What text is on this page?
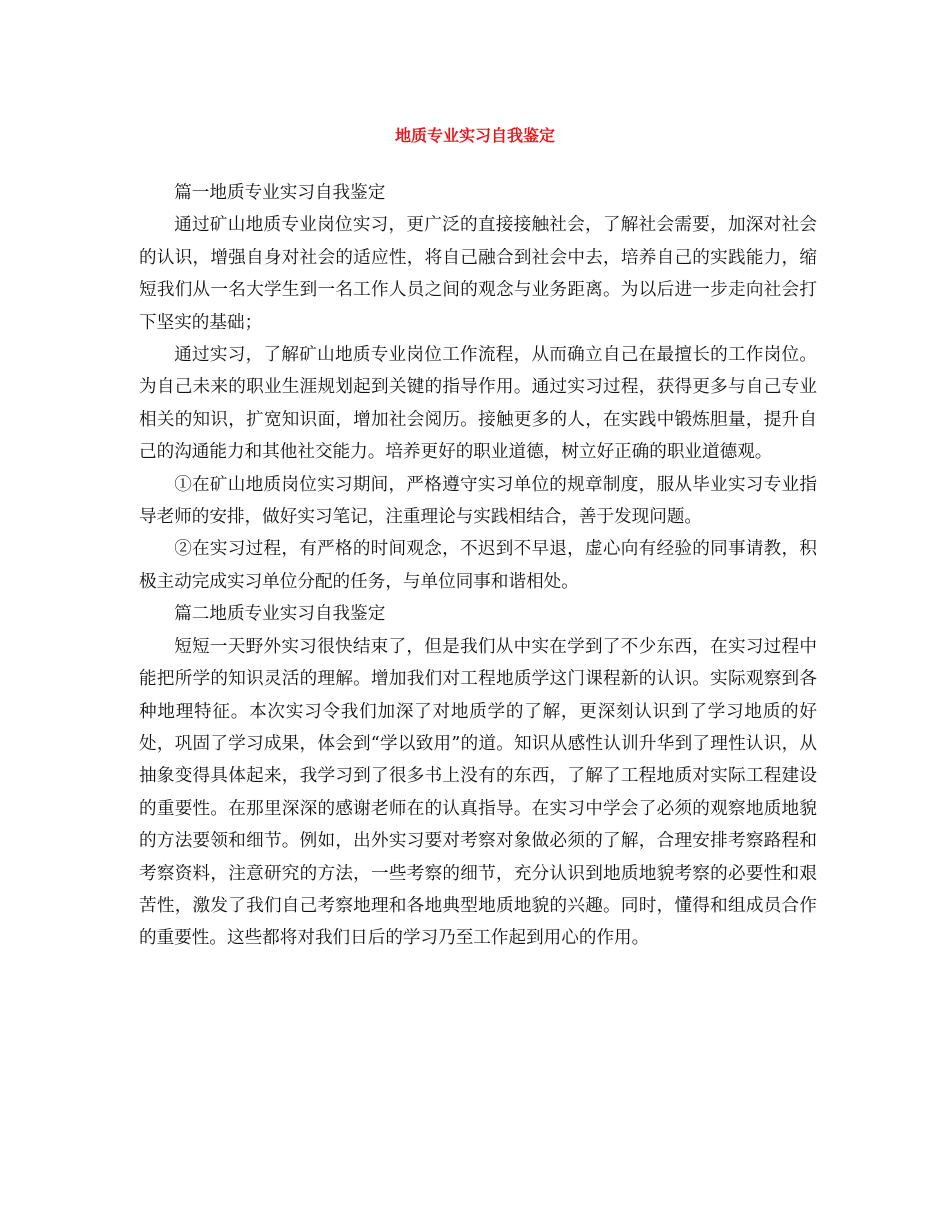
地质专业实习自我鉴定

篇一地质专业实习自我鉴定

通过矿山地质专业岗位实习，更广泛的直接接触社会，了解社会需要，加深对社会的认识，增强自身对社会的适应性，将自己融合到社会中去，培养自己的实践能力，缩短我们从一名大学生到一名工作人员之间的观念与业务距离。为以后进一步走向社会打下坚实的基础；

通过实习，了解矿山地质专业岗位工作流程，从而确立自己在最擅长的工作岗位。为自己未来的职业生涯规划起到关键的指导作用。通过实习过程，获得更多与自己专业相关的知识，扩宽知识面，增加社会阅历。接触更多的人，在实践中锻炼胆量，提升自己的沟通能力和其他社交能力。培养更好的职业道德，树立好正确的职业道德观。

①在矿山地质岗位实习期间，严格遵守实习单位的规章制度，服从毕业实习专业指导老师的安排，做好实习笔记，注重理论与实践相结合，善于发现问题。

②在实习过程，有严格的时间观念，不迟到不早退，虚心向有经验的同事请教，积极主动完成实习单位分配的任务，与单位同事和谐相处。

篇二地质专业实习自我鉴定

短短一天野外实习很快结束了，但是我们从中实在学到了不少东西，在实习过程中能把所学的知识灵活的理解。增加我们对工程地质学这门课程新的认识。实际观察到各种地理特征。本次实习令我们加深了对地质学的了解，更深刻认识到了学习地质的好处，巩固了学习成果，体会到“学以致用”的道。知识从感性认训升华到了理性认识，从抽象变得具体起来，我学习到了很多书上没有的东西，了解了工程地质对实际工程建设的重要性。在那里深深的感谢老师在的认真指导。在实习中学会了必须的观察地质地貌的方法要领和细节。例如，出外实习要对考察对象做必须的了解，合理安排考察路程和考察资料，注意研究的方法，一些考察的细节，充分认识到地质地貌考察的必要性和艰苦性，激发了我们自己考察地理和各地典型地质地貌的兴趣。同时，懂得和组成员合作的重要性。这些都将对我们日后的学习乃至工作起到用心的作用。
